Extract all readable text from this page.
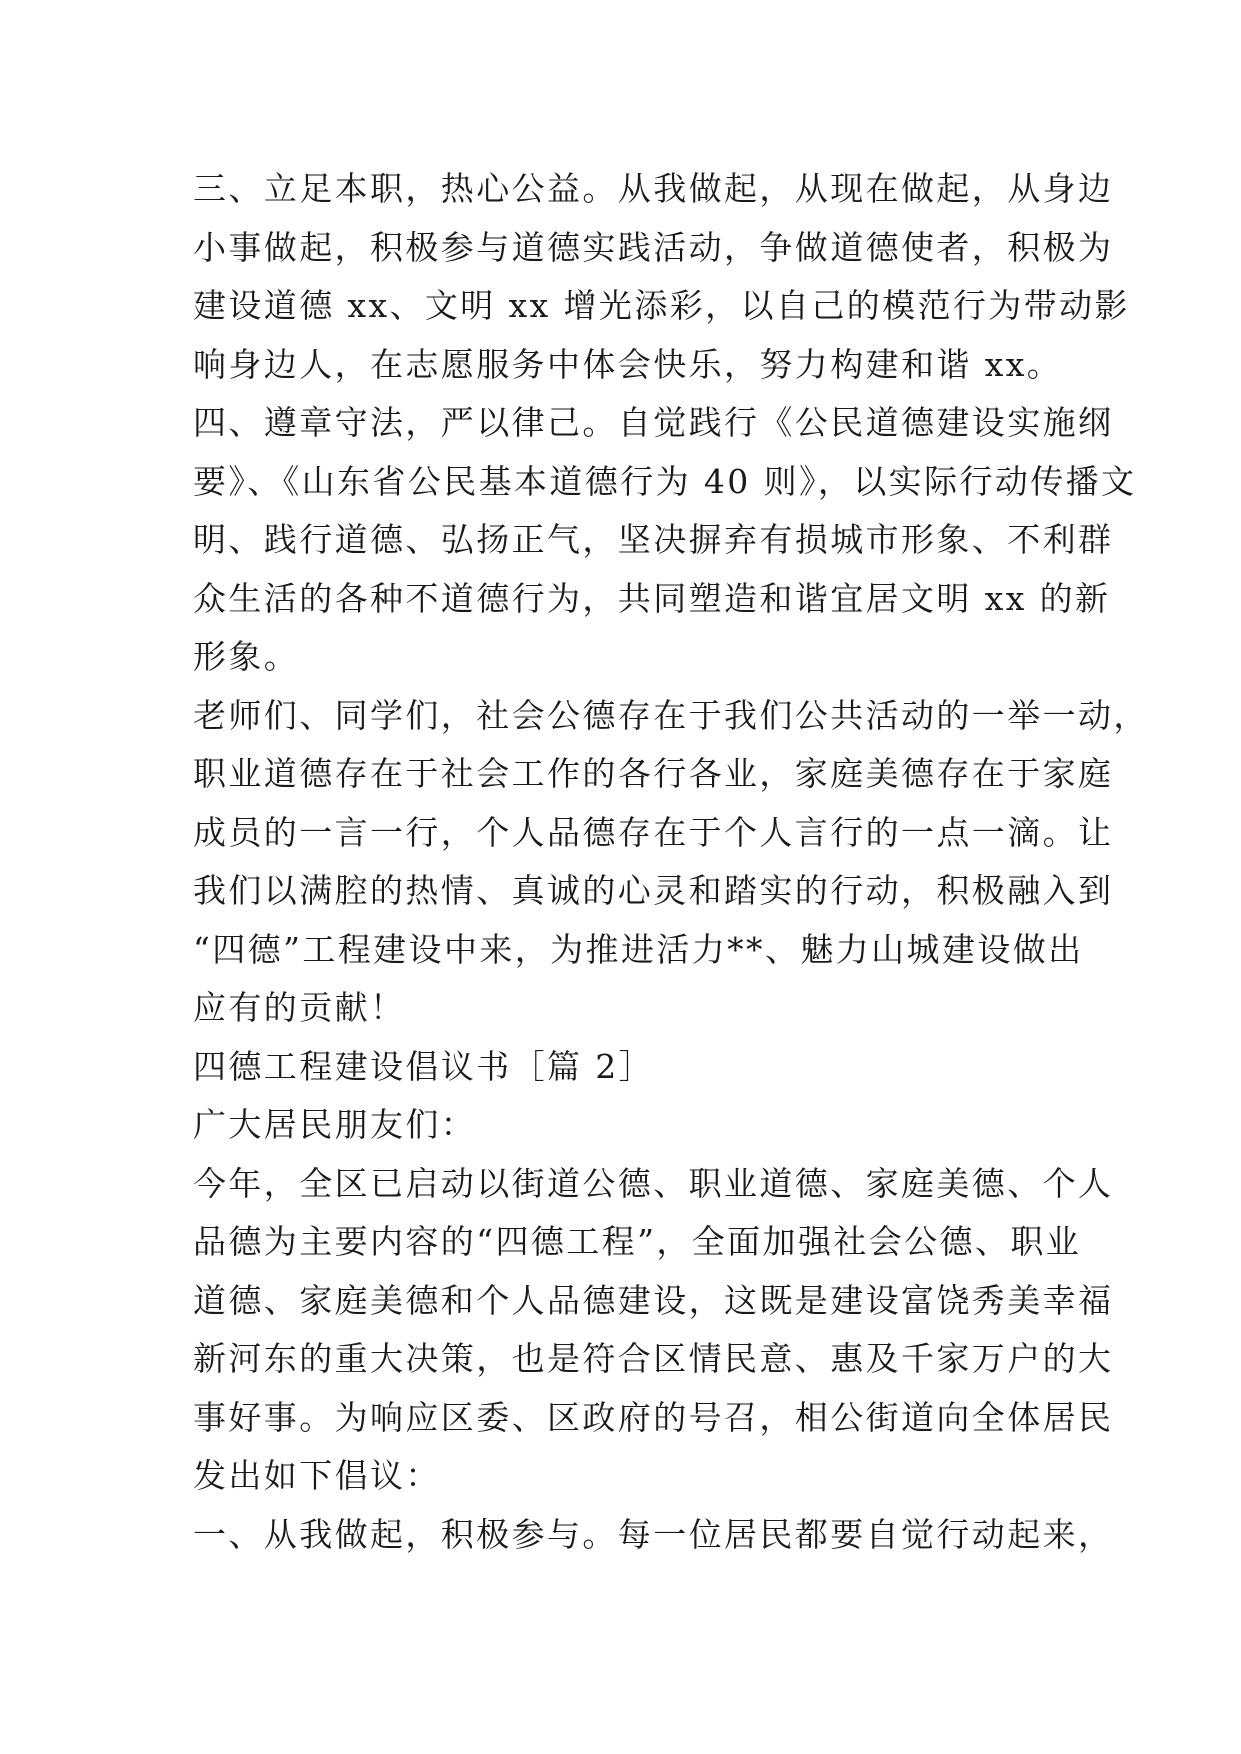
三、立足本职，热心公益。从我做起，从现在做起，从身边
小事做起，积极参与道德实践活动，争做道德使者，积极为
建设道德 xx、文明 xx 增光添彩，以自己的模范行为带动影
响身边人，在志愿服务中体会快乐，努力构建和谐 xx。
四、遵章守法，严以律己。自觉践行《公民道德建设实施纲
要》、《山东省公民基本道德行为 40 则》，以实际行动传播文
明、践行道德、弘扬正气，坚决摒弃有损城市形象、不利群
众生活的各种不道德行为，共同塑造和谐宜居文明 xx 的新
形象。
老师们、同学们，社会公德存在于我们公共活动的一举一动，
职业道德存在于社会工作的各行各业，家庭美德存在于家庭
成员的一言一行，个人品德存在于个人言行的一点一滴。让
我们以满腔的热情、真诚的心灵和踏实的行动，积极融入到
“四德”工程建设中来，为推进活力**、魅力山城建设做出
应有的贡献！
四德工程建设倡议书［篇 2］
广大居民朋友们：
今年，全区已启动以街道公德、职业道德、家庭美德、个人
品德为主要内容的“四德工程”，全面加强社会公德、职业
道德、家庭美德和个人品德建设，这既是建设富饶秀美幸福
新河东的重大决策，也是符合区情民意、惠及千家万户的大
事好事。为响应区委、区政府的号召，相公街道向全体居民
发出如下倡议：
一、从我做起，积极参与。每一位居民都要自觉行动起来，
